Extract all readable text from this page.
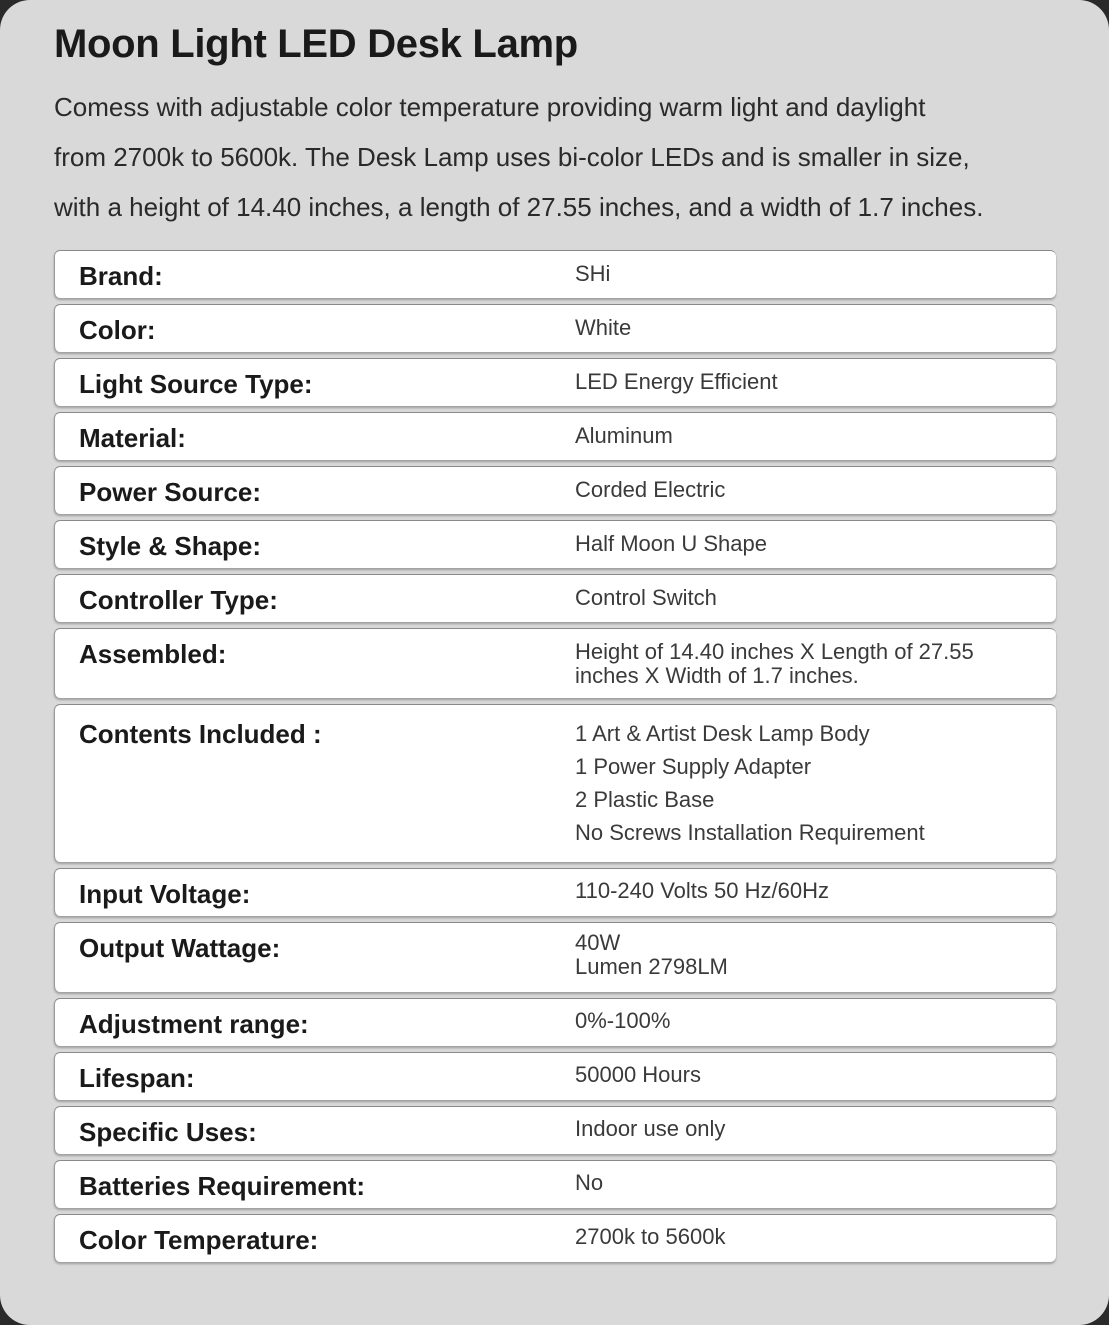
Moon Light LED Desk Lamp

Comess with adjustable color temperature providing warm light and daylight
from 2700k to 5600k. The Desk Lamp uses bi-color LEDs and is smaller in size,
with a height of 14.40 inches, a length of 27.55 inches, and a width of 1.7 inches.

Brand:	SHi
Color:	White
Light Source Type:	LED Energy Efficient
Material:	Aluminum
Power Source:	Corded Electric
Style & Shape:	Half Moon U Shape
Controller Type:	Control Switch
Assembled:	Height of 14.40 inches X Length of 27.55
inches X Width of 1.7 inches.
Contents Included :	1 Art & Artist Desk Lamp Body
1 Power Supply Adapter
2 Plastic Base
No Screws Installation Requirement
Input Voltage:	110-240 Volts 50 Hz/60Hz
Output Wattage:	40W
Lumen 2798LM
Adjustment range:	0%-100%
Lifespan:	50000 Hours
Specific Uses:	Indoor use only
Batteries Requirement:	No
Color Temperature:	2700k to 5600k
